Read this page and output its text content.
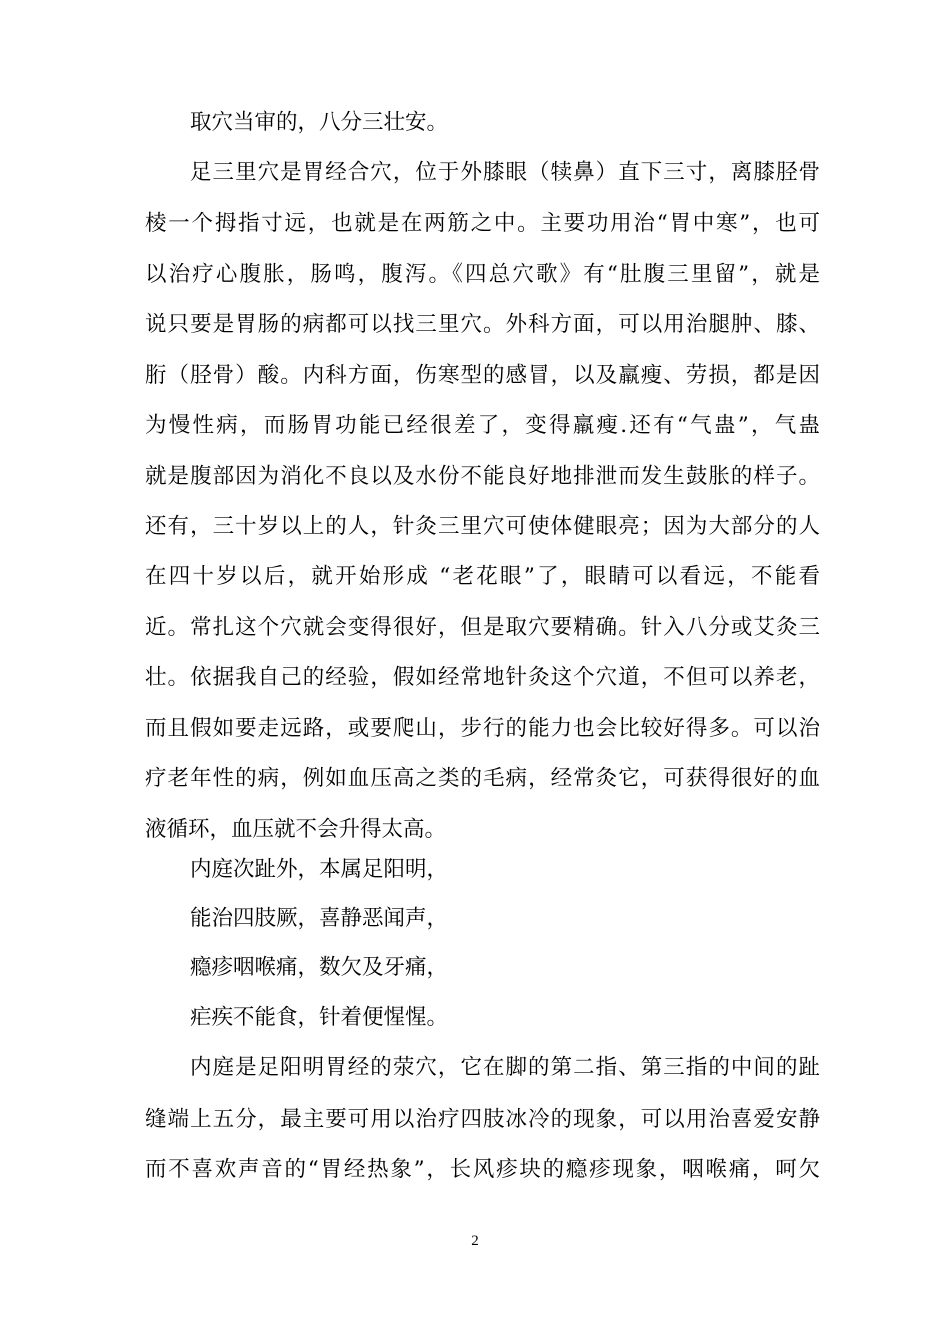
取穴当审的，八分三壮安。
足三里穴是胃经合穴，位于外膝眼（犊鼻）直下三寸，离膝胫骨
棱一个拇指寸远，也就是在两筋之中。主要功用治“胃中寒”，也可
以治疗心腹胀，肠鸣，腹泻。《四总穴歌》有“肚腹三里留”，就是
说只要是胃肠的病都可以找三里穴。外科方面，可以用治腿肿、膝、
胻（胫骨）酸。内科方面，伤寒型的感冒，以及羸瘦、劳损，都是因
为慢性病，而肠胃功能已经很差了，变得羸瘦.还有“气蛊”，气蛊
就是腹部因为消化不良以及水份不能良好地排泄而发生鼓胀的样子。
还有，三十岁以上的人，针灸三里穴可使体健眼亮；因为大部分的人
在四十岁以后，就开始形成 “老花眼”了，眼睛可以看远，不能看
近。常扎这个穴就会变得很好，但是取穴要精确。针入八分或艾灸三
壮。依据我自己的经验，假如经常地针灸这个穴道，不但可以养老，
而且假如要走远路，或要爬山，步行的能力也会比较好得多。可以治
疗老年性的病，例如血压高之类的毛病，经常灸它，可获得很好的血
液循环，血压就不会升得太高。
内庭次趾外，本属足阳明，
能治四肢厥，喜静恶闻声，
瘾疹咽喉痛，数欠及牙痛，
疟疾不能食，针着便惺惺。
内庭是足阳明胃经的荥穴，它在脚的第二指、第三指的中间的趾
缝端上五分，最主要可用以治疗四肢冰冷的现象，可以用治喜爱安静
而不喜欢声音的“胃经热象”，长风疹块的瘾疹现象，咽喉痛，呵欠
2
